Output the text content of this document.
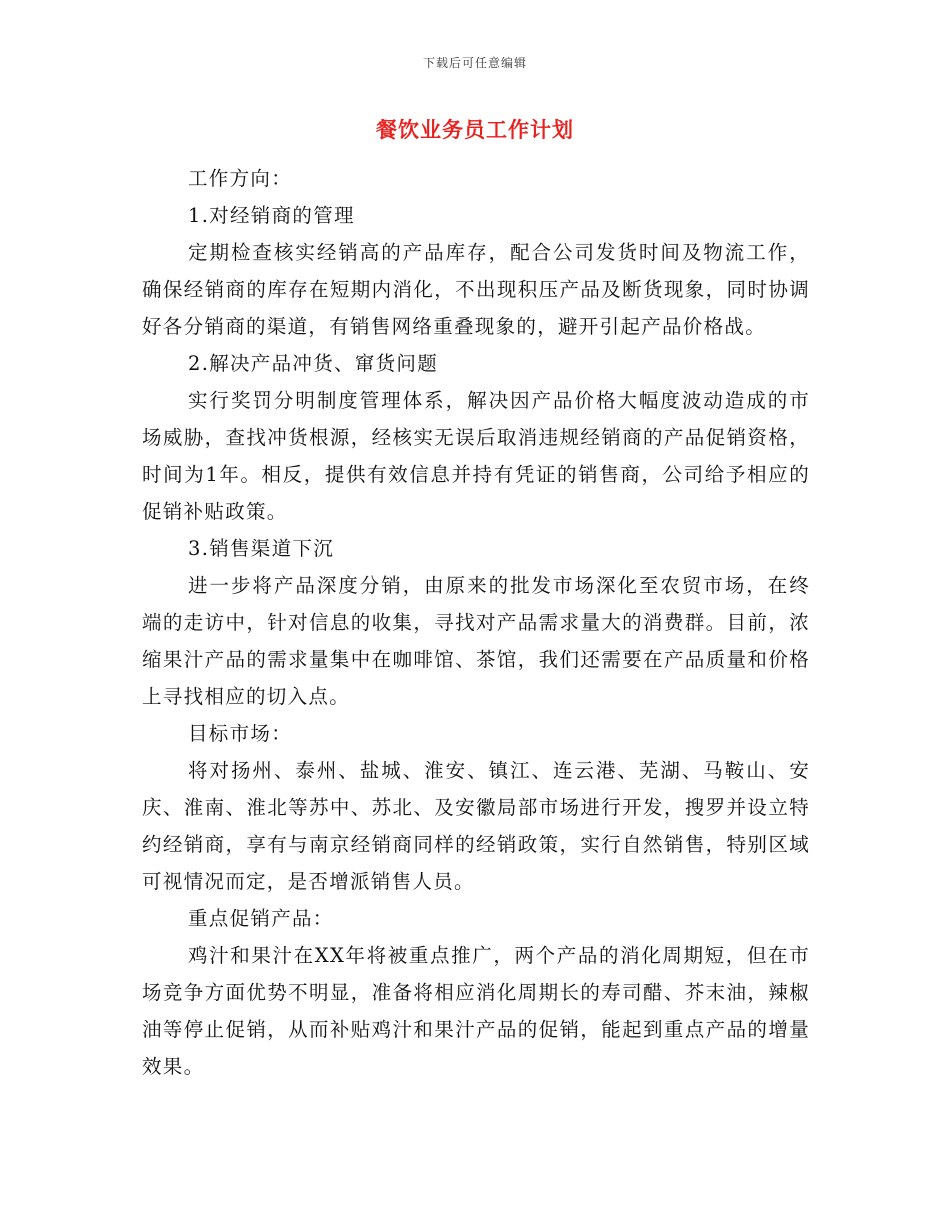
下载后可任意编辑
餐饮业务员工作计划

工作方向：

1.对经销商的管理

定期检查核实经销高的产品库存，配合公司发货时间及物流工作，确保经销商的库存在短期内消化，不出现积压产品及断货现象，同时协调好各分销商的渠道，有销售网络重叠现象的，避开引起产品价格战。

2.解决产品冲货、窜货问题

实行奖罚分明制度管理体系，解决因产品价格大幅度波动造成的市场威胁，查找冲货根源，经核实无误后取消违规经销商的产品促销资格，时间为1年。相反，提供有效信息并持有凭证的销售商，公司给予相应的促销补贴政策。

3.销售渠道下沉

进一步将产品深度分销，由原来的批发市场深化至农贸市场，在终端的走访中，针对信息的收集，寻找对产品需求量大的消费群。目前，浓缩果汁产品的需求量集中在咖啡馆、茶馆，我们还需要在产品质量和价格上寻找相应的切入点。

目标市场：

将对扬州、泰州、盐城、淮安、镇江、连云港、芜湖、马鞍山、安庆、淮南、淮北等苏中、苏北、及安徽局部市场进行开发，搜罗并设立特约经销商，享有与南京经销商同样的经销政策，实行自然销售，特别区域可视情况而定，是否增派销售人员。

重点促销产品：

鸡汁和果汁在XX年将被重点推广，两个产品的消化周期短，但在市场竞争方面优势不明显，准备将相应消化周期长的寿司醋、芥末油，辣椒油等停止促销，从而补贴鸡汁和果汁产品的促销，能起到重点产品的增量效果。
